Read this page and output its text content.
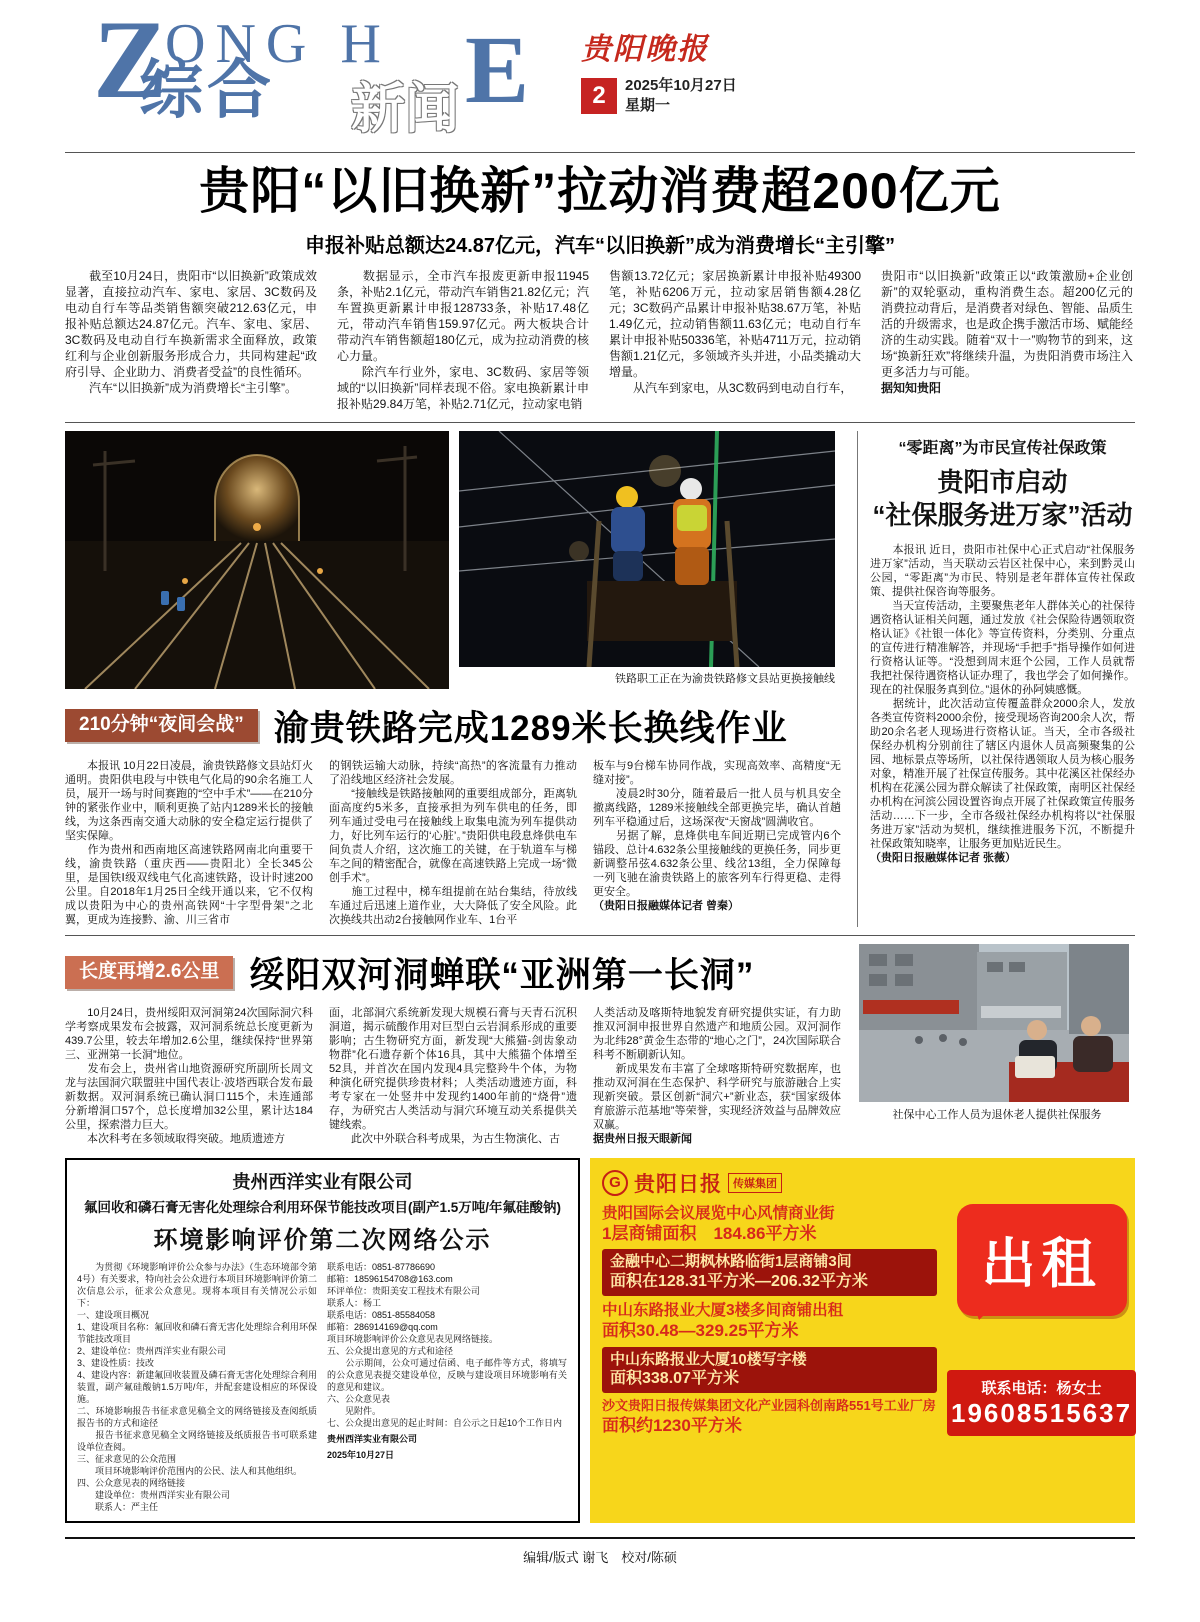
Z
ONG H E
综合 新闻
贵阳晚报
2	2025年10月27日
星期一
贵阳“以旧换新”拉动消费超200亿元
申报补贴总额达24.87亿元，汽车“以旧换新”成为消费增长“主引擎”

　　截至10月24日，贵阳市“以旧换新”政策成效显著，直接拉动汽车、家电、家居、3C数码及电动自行车等品类销售额突破212.63亿元，申报补贴总额达24.87亿元。汽车、家电、家居、3C数码及电动自行车换新需求全面释放，政策红利与企业创新服务形成合力，共同构建起“政府引导、企业助力、消费者受益”的良性循环。

　　汽车“以旧换新”成为消费增长“主引擎”。

　　数据显示，全市汽车报废更新申报11945条，补贴2.1亿元，带动汽车销售21.82亿元；汽车置换更新累计申报128733条，补贴17.48亿元，带动汽车销售159.97亿元。两大板块合计带动汽车销售额超180亿元，成为拉动消费的核心力量。

　　除汽车行业外，家电、3C数码、家居等领域的“以旧换新”同样表现不俗。家电换新累计申报补贴29.84万笔，补贴2.71亿元，拉动家电销

售额13.72亿元；家居换新累计申报补贴49300笔，补贴6206万元，拉动家居销售额4.28亿元；3C数码产品累计申报补贴38.67万笔，补贴1.49亿元，拉动销售额11.63亿元；电动自行车累计申报补贴50336笔，补贴4711万元，拉动销售额1.21亿元，多领域齐头并进，小品类撬动大增量。

　　从汽车到家电，从3C数码到电动自行车，

贵阳市“以旧换新”政策正以“政策激励+企业创新”的双轮驱动，重构消费生态。超200亿元的消费拉动背后，是消费者对绿色、智能、品质生活的升级需求，也是政企携手激活市场、赋能经济的生动实践。随着“双十一”购物节的到来，这场“换新狂欢”将继续升温，为贵阳消费市场注入更多活力与可能。

据知知贵阳

铁路职工正在为渝贵铁路修文县站更换接触线
210分钟“夜间会战” 渝贵铁路完成1289米长换线作业

　　本报讯 10月22日凌晨，渝贵铁路修文县站灯火通明。贵阳供电段与中铁电气化局的90余名施工人员，展开一场与时间赛跑的“空中手术”——在210分钟的紧张作业中，顺利更换了站内1289米长的接触线，为这条西南交通大动脉的安全稳定运行提供了坚实保障。

　　作为贵州和西南地区高速铁路网南北向重要干线，渝贵铁路（重庆西——贵阳北）全长345公里，是国铁Ⅰ级双线电气化高速铁路，设计时速200公里。自2018年1月25日全线开通以来，它不仅构成以贵阳为中心的贵州高铁网“十字型骨架”之北翼，更成为连接黔、渝、川三省市

的钢铁运输大动脉，持续“高热”的客流量有力推动了沿线地区经济社会发展。

　　“接触线是铁路接触网的重要组成部分，距离轨面高度约5米多，直接承担为列车供电的任务，即列车通过受电弓在接触线上取集电流为列车提供动力，好比列车运行的‘心脏’。”贵阳供电段息烽供电车间负责人介绍，这次施工的关键，在于轨道车与梯车之间的精密配合，就像在高速铁路上完成一场“微创手术”。

　　施工过程中，梯车组提前在站台集结，待放线车通过后迅速上道作业，大大降低了安全风险。此次换线共出动2台接触网作业车、1台平

板车与9台梯车协同作战，实现高效率、高精度“无缝对接”。

　　凌晨2时30分，随着最后一批人员与机具安全撤离线路，1289米接触线全部更换完毕，确认首趟列车平稳通过后，这场深夜“天窗战”圆满收官。

　　另据了解，息烽供电车间近期已完成管内6个锚段、总计4.632条公里接触线的更换任务，同步更新调整吊弦4.632条公里、线岔13组，全力保障每一列飞驰在渝贵铁路上的旅客列车行得更稳、走得更安全。

（贵阳日报融媒体记者 曾秦）

“零距离”为市民宣传社保政策
贵阳市启动
“社保服务进万家”活动

　　本报讯 近日，贵阳市社保中心正式启动“社保服务进万家”活动，当天联动云岩区社保中心，来到黔灵山公园，“零距离”为市民、特别是老年群体宣传社保政策、提供社保咨询等服务。

　　当天宣传活动，主要聚焦老年人群体关心的社保待遇资格认证相关问题，通过发放《社会保险待遇领取资格认证》《社银一体化》等宣传资料，分类别、分重点的宣传进行精准解答，并现场“手把手”指导操作如何进行资格认证等。“没想到周末逛个公园，工作人员就帮我把社保待遇资格认证办理了，我也学会了如何操作。现在的社保服务真到位。”退休的孙阿姨感慨。

　　据统计，此次活动宣传覆盖群众2000余人，发放各类宣传资料2000余份，接受现场咨询200余人次，帮助20余名老人现场进行资格认证。当天，全市各级社保经办机构分别前往了辖区内退休人员高频聚集的公园、地标景点等场所，以社保待遇领取人员为核心服务对象，精准开展了社保宣传服务。其中花溪区社保经办机构在花溪公园为群众解读了社保政策，南明区社保经办机构在河滨公园设置咨询点开展了社保政策宣传服务活动……下一步，全市各级社保经办机构将以“社保服务进万家”活动为契机，继续推进服务下沉，不断提升社保政策知晓率，让服务更加贴近民生。

（贵阳日报融媒体记者 张薇）

长度再增2.6公里 绥阳双河洞蝉联“亚洲第一长洞”

　　10月24日，贵州绥阳双河洞第24次国际洞穴科学考察成果发布会披露，双河洞系统总长度更新为439.7公里，较去年增加2.6公里，继续保持“世界第三、亚洲第一长洞”地位。

　　发布会上，贵州省山地资源研究所副所长周文龙与法国洞穴联盟驻中国代表让·波塔西联合发布最新数据。双河洞系统已确认洞口115个，未连通部分新增洞口57个，总长度增加32公里，累计达184公里，探索潜力巨大。

　　本次科考在多领域取得突破。地质遗迹方

面，北部洞穴系统新发现大规模石膏与天青石沉积洞道，揭示硫酸作用对巨型白云岩洞系形成的重要影响；古生物研究方面，新发现“大熊猫-剑齿象动物群”化石遗存新个体16具，其中大熊猫个体增至52具，并首次在国内发现4具完整羚牛个体，为物种演化研究提供珍贵材料；人类活动遗迹方面，科考专家在一处竖井中发现约1400年前的“烧骨”遗存，为研究古人类活动与洞穴环境互动关系提供关键线索。

　　此次中外联合科考成果，为古生物演化、古

人类活动及喀斯特地貌发育研究提供实证，有力助推双河洞申报世界自然遗产和地质公园。双河洞作为北纬28°黄金生态带的“地心之门”，24次国际联合科考不断刷新认知。

　　新成果发布丰富了全球喀斯特研究数据库，也推动双河洞在生态保护、科学研究与旅游融合上实现新突破。景区创新“洞穴+”新业态，获“国家级体育旅游示范基地”等荣誉，实现经济效益与品牌效应双赢。

据贵州日报天眼新闻

社保中心工作人员为退休老人提供社保服务
贵州西洋实业有限公司
氟回收和磷石膏无害化处理综合利用环保节能技改项目(副产1.5万吨/年氟硅酸钠)
环境影响评价第二次网络公示

　　为贯彻《环境影响评价公众参与办法》（生态环境部令第4号）有关要求，特向社会公众进行本项目环境影响评价第二次信息公示，征求公众意见。现将本项目有关情况公示如下：

一、建设项目概况

1、建设项目名称：氟回收和磷石膏无害化处理综合利用环保节能技改项目

2、建设单位：贵州西洋实业有限公司

3、建设性质：技改

4、建设内容：新建氟回收装置及磷石膏无害化处理综合利用装置，副产氟硅酸钠1.5万吨/年，并配套建设相应的环保设施。

二、环境影响报告书征求意见稿全文的网络链接及查阅纸质报告书的方式和途径

　　报告书征求意见稿全文网络链接及纸质报告书可联系建设单位查阅。

三、征求意见的公众范围

　　项目环境影响评价范围内的公民、法人和其他组织。

四、公众意见表的网络链接

　　建设单位：贵州西洋实业有限公司

　　联系人：严主任

联系电话：0851-87786690

邮箱：18596154708@163.com

环评单位：贵阳美安工程技术有限公司

联系人：杨工

联系电话：0851-85584058

邮箱：286914169@qq.com

项目环境影响评价公众意见表见网络链接。

五、公众提出意见的方式和途径

　　公示期间，公众可通过信函、电子邮件等方式，将填写的公众意见表提交建设单位，反映与建设项目环境影响有关的意见和建议。

六、公众意见表

　　见附件。

七、公众提出意见的起止时间：自公示之日起10个工作日内

贵州西洋实业有限公司

2025年10月27日

G 贵阳日报	传媒集团
贵阳国际会议展览中心风情商业街
1层商铺面积　184.86平方米
金融中心二期枫林路临街1层商铺3间
面积在128.31平方米—206.32平方米
中山东路报业大厦3楼多间商铺出租
面积30.48—329.25平方米
中山东路报业大厦10楼写字楼
面积338.07平方米
沙文贵阳日报传媒集团文化产业园科创南路551号工业厂房
面积约1230平方米
出租
联系电话：杨女士
19608515637
编辑/版式 谢飞　校对/陈硕
